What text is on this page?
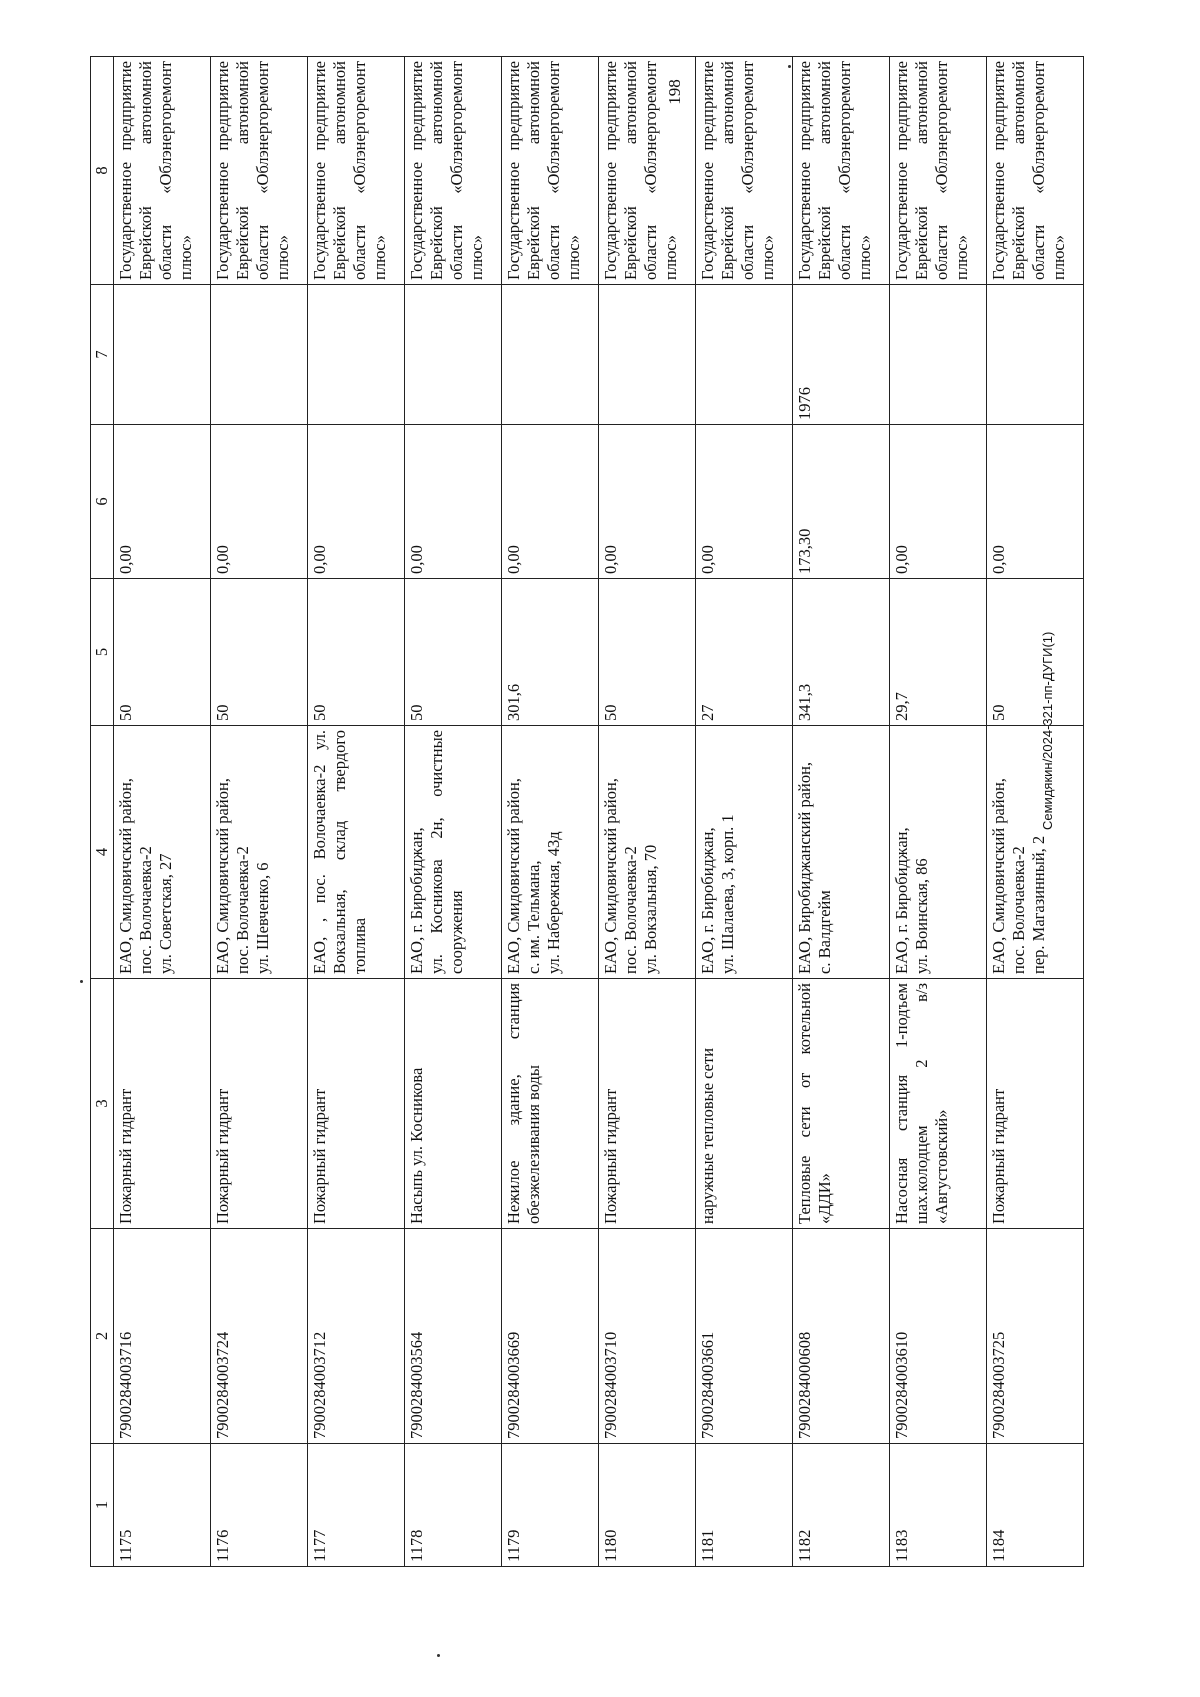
198
1	2	3	4	5	6	7	8
1175	7900284003716	Пожарный гидрант	ЕАО, Смидовичский район,
пос. Волочаевка-2
ул. Советская, 27	50	0,00		Государственное предприятие Еврейской автономной области «Облэнергоремонт плюс»
1176	7900284003724	Пожарный гидрант	ЕАО, Смидовичский район,
пос. Волочаевка-2
ул. Шевченко, 6	50	0,00		Государственное предприятие Еврейской автономной области «Облэнергоремонт плюс»
1177	7900284003712	Пожарный гидрант	ЕАО, , пос. Волочаевка-2 ул. Вокзальная, склад твердого топлива	50	0,00		Государственное предприятие Еврейской автономной области «Облэнергоремонт плюс»
1178	7900284003564	Насыпь ул. Косникова	ЕАО, г. Биробиджан,
ул. Косникова 2н, очистные сооружения	50	0,00		Государственное предприятие Еврейской автономной области «Облэнергоремонт плюс»
1179	7900284003669	Нежилое здание, станция обезжелезивания воды	ЕАО, Смидовичский район,
с. им. Тельмана,
ул. Набережная, 43д	301,6	0,00		Государственное предприятие Еврейской автономной области «Облэнергоремонт плюс»
1180	7900284003710	Пожарный гидрант	ЕАО, Смидовичский район,
пос. Волочаевка-2
ул. Вокзальная, 70	50	0,00		Государственное предприятие Еврейской автономной области «Облэнергоремонт плюс»
1181	7900284003661	наружные тепловые сети	ЕАО, г. Биробиджан,
ул. Шалаева, 3, корп. 1	27	0,00		Государственное предприятие Еврейской автономной области «Облэнергоремонт плюс»
1182	7900284000608	Тепловые сети от котельной «ДДИ»	ЕАО, Биробиджанский район,
с. Валдгейм	341,3	173,30	1976	Государственное предприятие Еврейской автономной области «Облэнергоремонт плюс»
1183	7900284003610	Насосная станция 1-подъем шах.колодцем 2 в/з «Августовский»	ЕАО, г. Биробиджан,
ул. Воинская, 86	29,7	0,00		Государственное предприятие Еврейской автономной области «Облэнергоремонт плюс»
1184	7900284003725	Пожарный гидрант	ЕАО, Смидовичский район,
пос. Волочаевка-2
пер. Магазинный, 2	50	0,00		Государственное предприятие Еврейской автономной области «Облэнергоремонт плюс»
Семидякин/2024-321-пп-ДУГИ(1)
